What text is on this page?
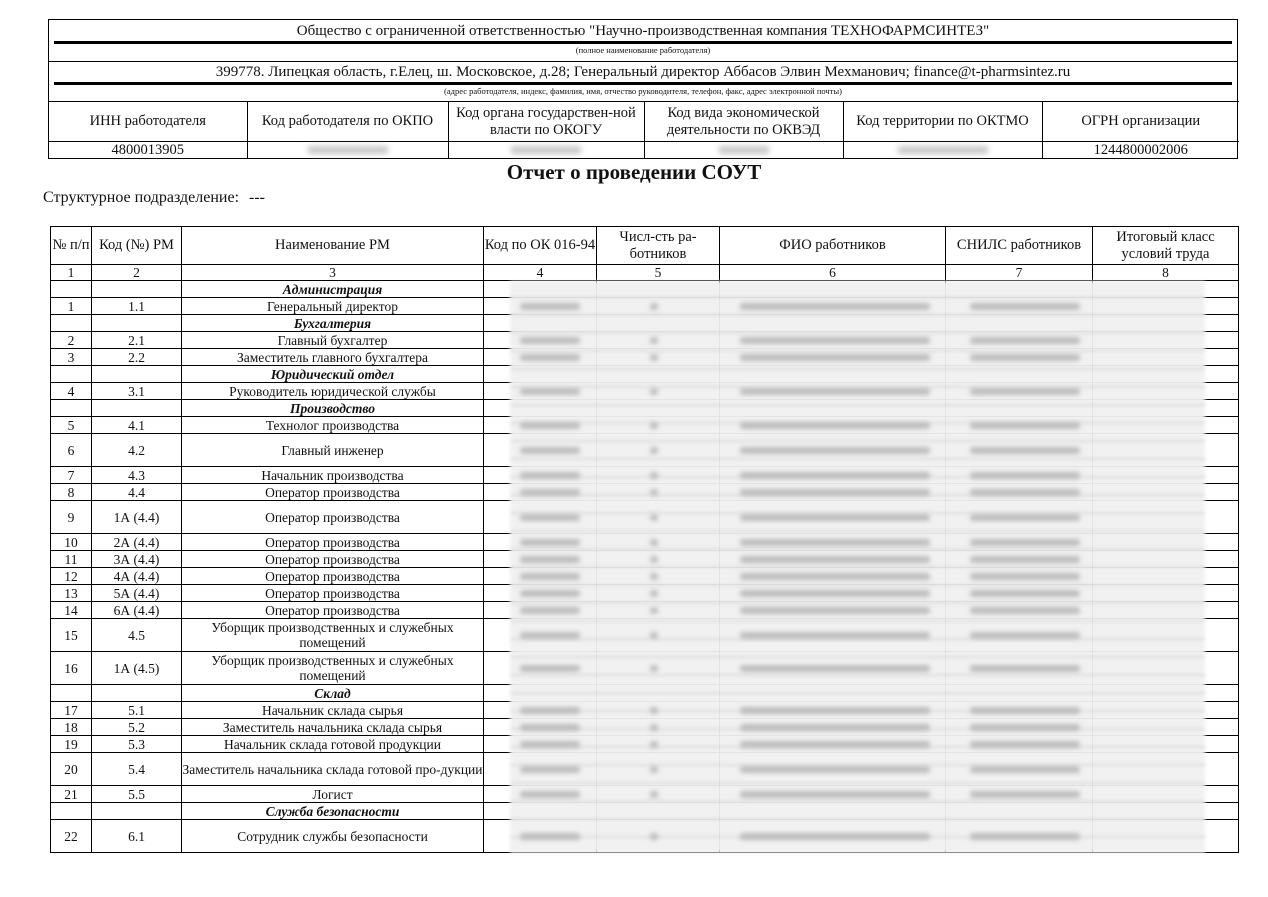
Общество с ограниченной ответственностью "Научно-производственная компания ТЕХНОФАРМСИНТЕЗ"
(полное наименование работодателя)
399778. Липецкая область, г.Елец, ш. Московское, д.28; Генеральный директор Аббасов Элвин Мехманович; finance@t-pharmsintez.ru
(адрес работодателя, индекс, фамилия, имя, отчество руководителя, телефон, факс, адрес электронной почты)
ИНН работодателя	Код работодателя по ОКПО	Код органа государствен-ной власти по ОКОГУ	Код вида экономической деятельности по ОКВЭД	Код территории по ОКТМО	ОГРН организации
4800013905					1244800002006
Отчет о проведении СОУТ
Структурное подразделение: ---
№ п/п	Код (№) РМ	Наименование РМ	Код по ОК 016-94	Числ-сть ра-ботников	ФИО работников	СНИЛС работников	Итоговый класс условий труда
1	2	3	4	5	6	7	8
		Администрация					
1	1.1	Генеральный директор					
		Бухгалтерия					
2	2.1	Главный бухгалтер					
3	2.2	Заместитель главного бухгалтера					
		Юридический отдел					
4	3.1	Руководитель юридической службы					
		Производство					
5	4.1	Технолог производства					
6	4.2	Главный инженер					
7	4.3	Начальник производства					
8	4.4	Оператор производства					
9	1А (4.4)	Оператор производства					
10	2А (4.4)	Оператор производства					
11	3А (4.4)	Оператор производства					
12	4А (4.4)	Оператор производства					
13	5А (4.4)	Оператор производства					
14	6А (4.4)	Оператор производства					
15	4.5	Уборщик производственных и служебных помещений					
16	1А (4.5)	Уборщик производственных и служебных помещений					
		Склад					
17	5.1	Начальник склада сырья					
18	5.2	Заместитель начальника склада сырья					
19	5.3	Начальник склада готовой продукции					
20	5.4	Заместитель начальника склада готовой про-дукции					
21	5.5	Логист					
		Служба безопасности					
22	6.1	Сотрудник службы безопасности					
